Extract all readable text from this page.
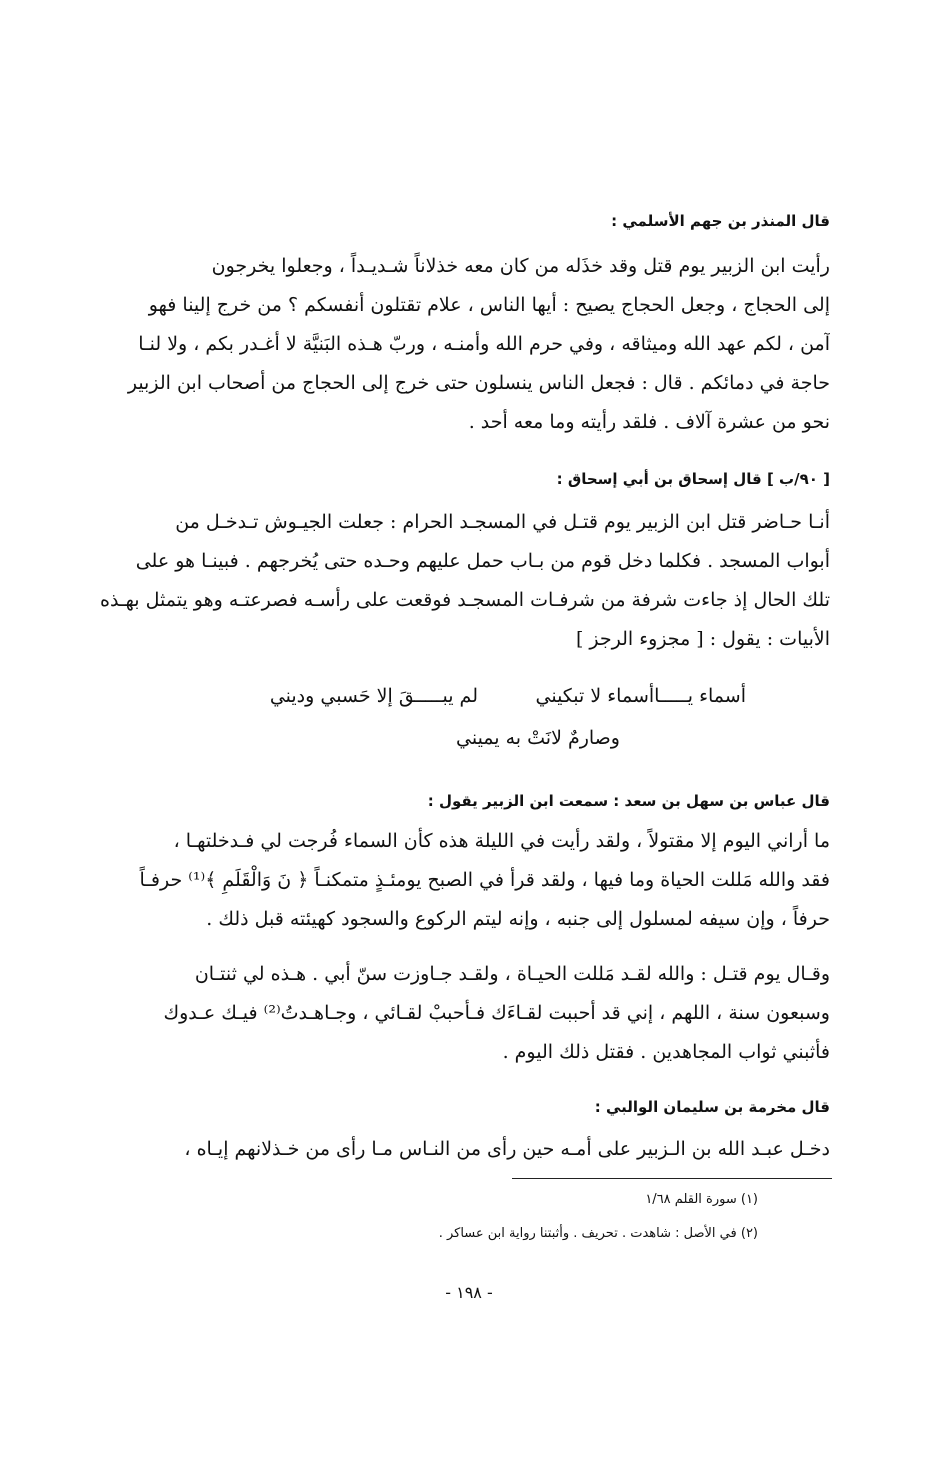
قال المنذر بن جهم الأسلمي :
رأيت ابن الزبير يوم قتل وقد خذَله من كان معه خذلاناً شـديـداً ، وجعلوا يخرجون
إلى الحجاج ، وجعل الحجاج يصيح : أيها الناس ، علام تقتلون أنفسكم ؟ من خرج إلينا فهو
آمن ، لكم عهد الله وميثاقه ، وفي حرم الله وأمنـه ، وربّ هـذه البَنيَّة لا أغـدر بكم ، ولا لنـا
حاجة في دمائكم . قال : فجعل الناس ينسلون حتى خرج إلى الحجاج من أصحاب ابن الزبير
نحو من عشرة آلاف . فلقد رأيته وما معه أحد .
[ ٩٠/ب ] قال إسحاق بن أبي إسحاق :
أنـا حـاضر قتل ابن الزبير يوم قتـل في المسجـد الحرام : جعلت الجيـوش تـدخـل من
أبواب المسجد . فكلما دخل قوم من بـاب حمل عليهم وحـده حتى يُخرجهم . فبينـا هو على
تلك الحال إذ جاءت شرفة من شرفـات المسجـد فوقعت على رأسـه فصرعتـه وهو يتمثل بهـذه
الأبيات : يقول : [ مجزوء الرجز ]
أسماء يـــــاأسماء لا تبكيني
لم يبـــــقَ إلا حَسبي وديني
وصارمٌ لانَتْ به يميني
قال عباس بن سهل بن سعد : سمعت ابن الزبير يقول :
ما أراني اليوم إلا مقتولاً ، ولقد رأيت في الليلة هذه كأن السماء فُرجت لي فـدخلتهـا ،
فقد والله مَللت الحياة وما فيها ، ولقد قرأ في الصبح يومئـذٍ متمكنـاً ﴿ نَ وَالْقَلَمِ ﴾⁽¹⁾ حرفـاً
حرفاً ، وإن سيفه لمسلول إلى جنبه ، وإنه ليتم الركوع والسجود كهيئته قبل ذلك .
وقـال يوم قتـل : والله لقـد مَللت الحيـاة ، ولقـد جـاوزت سنّ أبي . هـذه لي ثنتـان
وسبعون سنة ، اللهم ، إني قد أحببت لقـاءَك فـأحببْ لقـائي ، وجـاهـدتُ⁽²⁾ فيـك عـدوك
فأثبني ثواب المجاهدين . فقتل ذلك اليوم .
قال مخرمة بن سليمان الوالبي :
دخـل عبـد الله بن الـزبير على أمـه حين رأى من النـاس مـا رأى من خـذلانهم إيـاه ،
(١) سورة القلم ١/٦٨
(٢) في الأصل : شاهدت . تحريف . وأثبتنا رواية ابن عساكر .
- ١٩٨ -
